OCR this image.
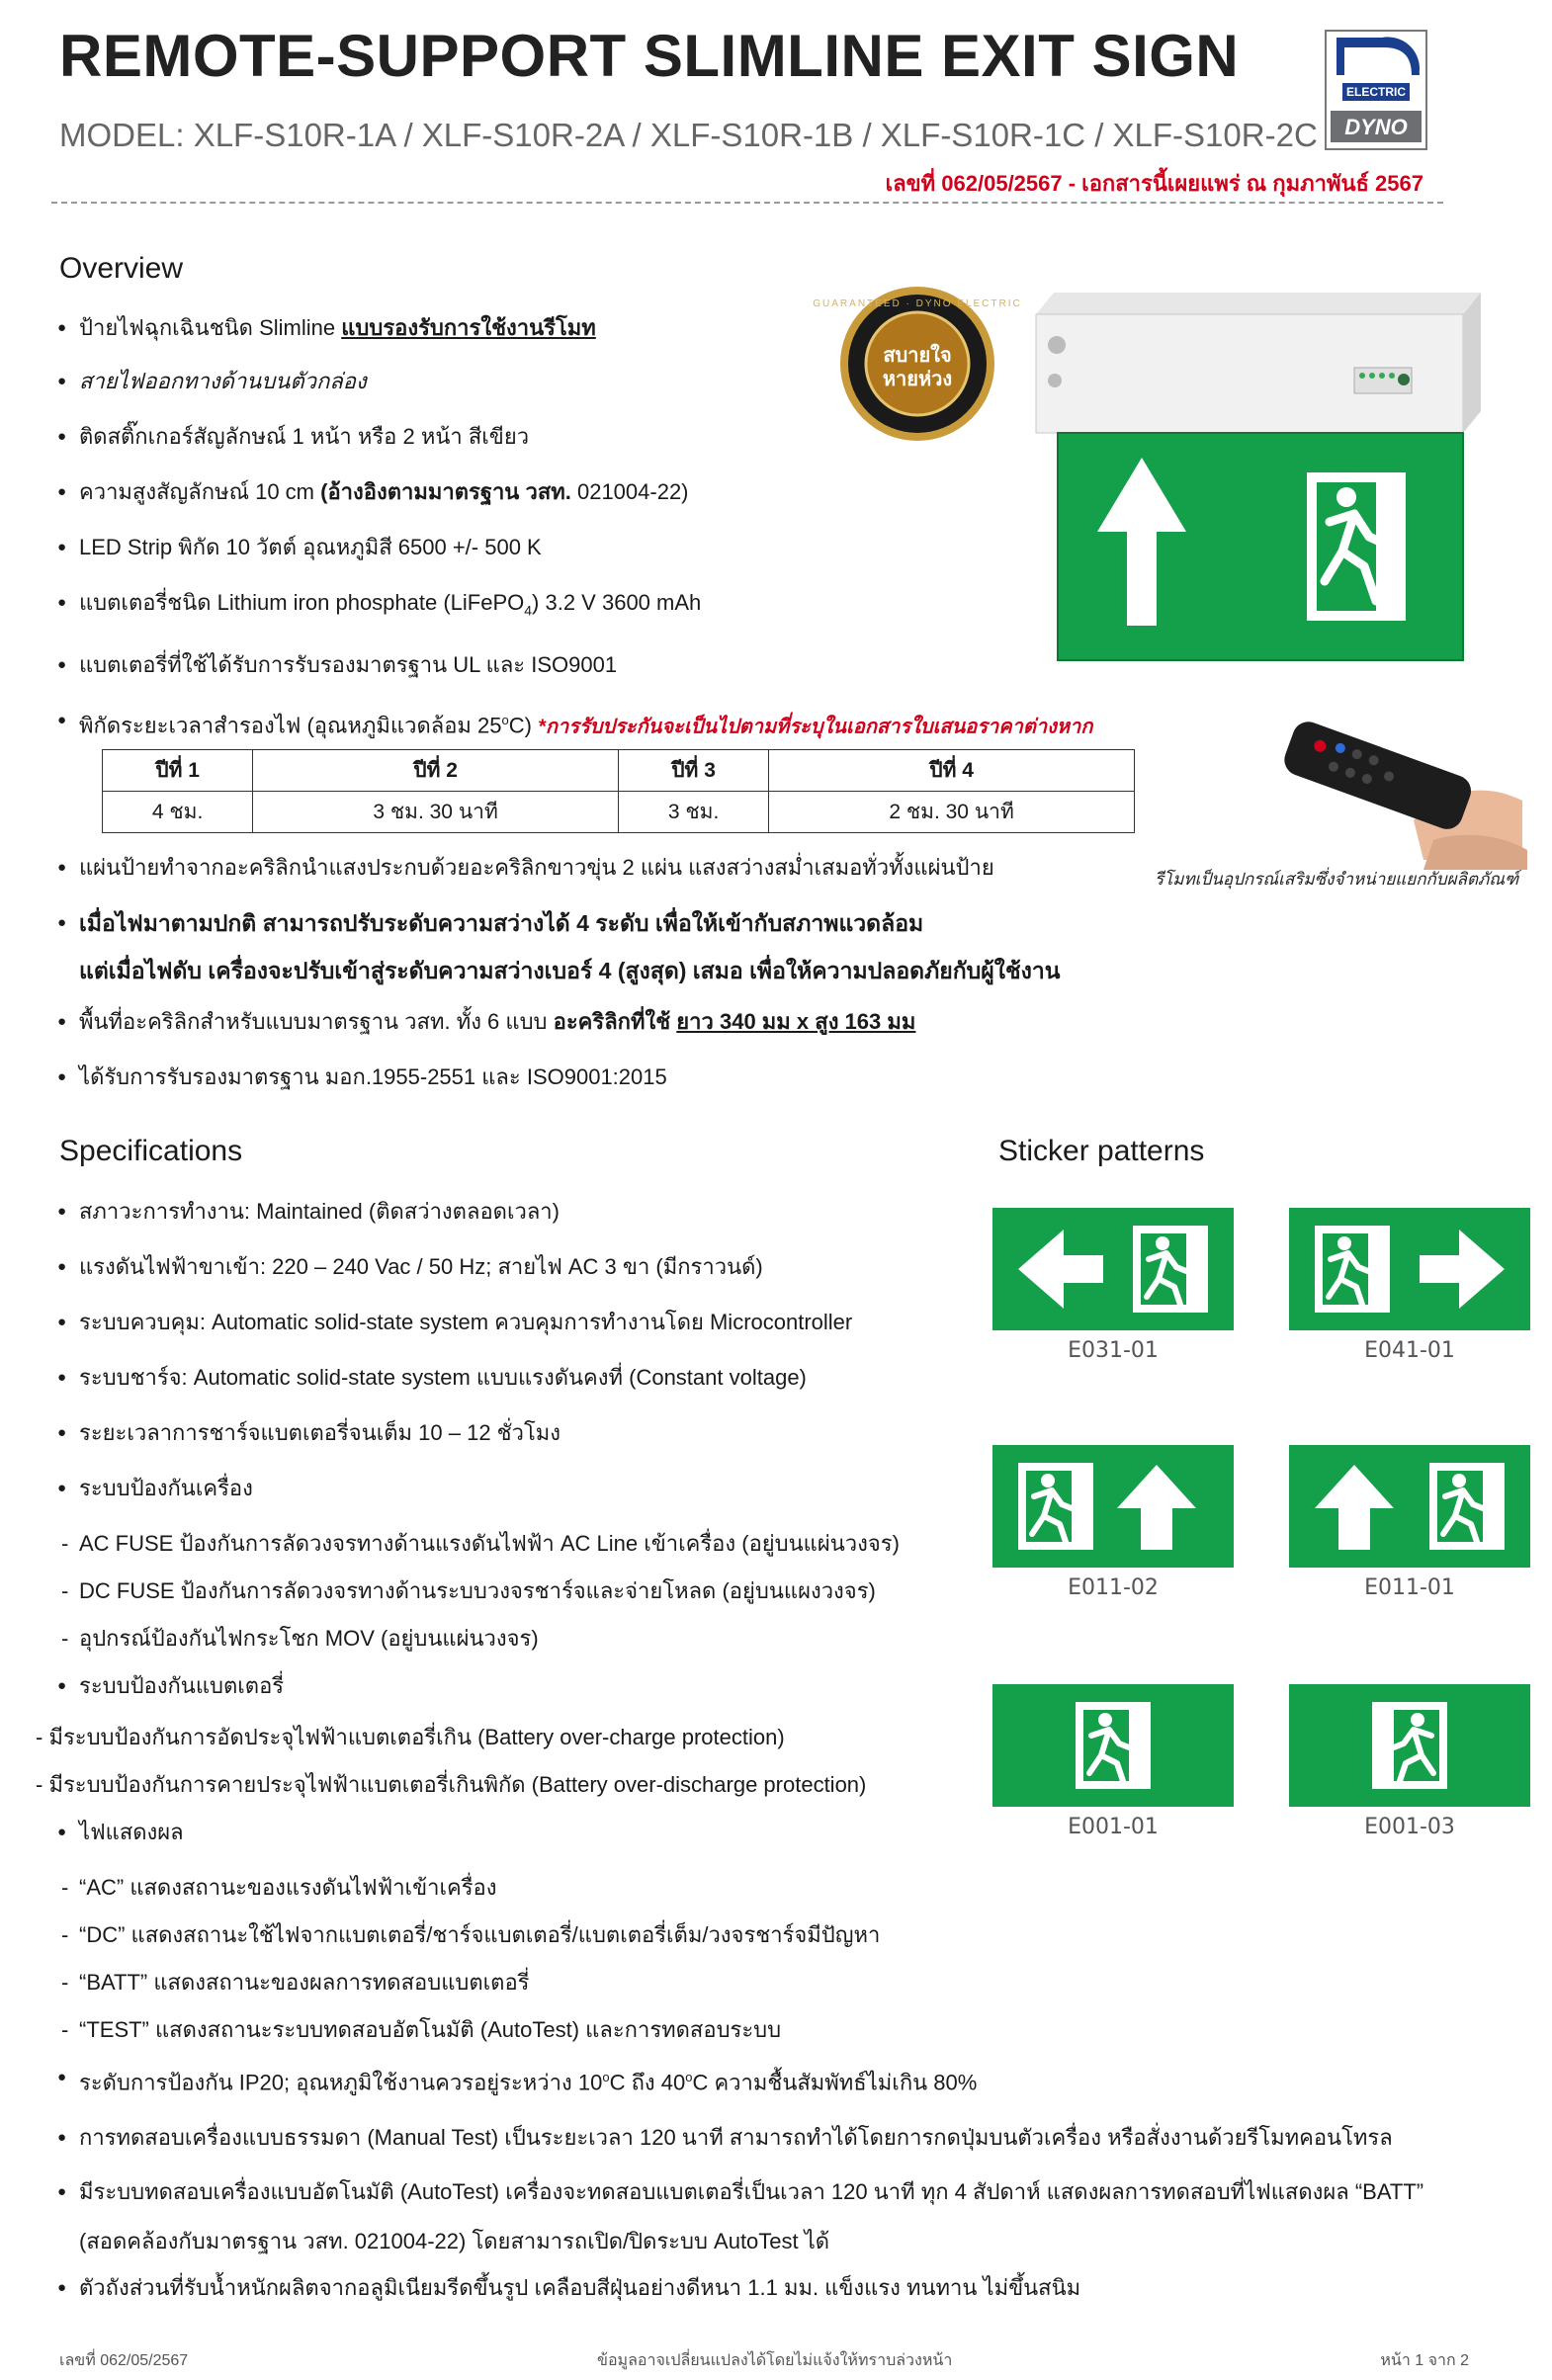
REMOTE-SUPPORT SLIMLINE EXIT SIGN
MODEL: XLF-S10R-1A / XLF-S10R-2A / XLF-S10R-1B / XLF-S10R-1C / XLF-S10R-2C
เลขที่ 062/05/2567 - เอกสารนี้เผยแพร่ ณ กุมภาพันธ์ 2567
ELECTRIC
DYNO
Overview
● ป้ายไฟฉุกเฉินชนิด Slimline แบบรองรับการใช้งานรีโมท
● สายไฟออกทางด้านบนตัวกล่อง
● ติดสติ๊กเกอร์สัญลักษณ์ 1 หน้า หรือ 2 หน้า สีเขียว
● ความสูงสัญลักษณ์ 10 cm (อ้างอิงตามมาตรฐาน วสท. 021004-22)
● LED Strip พิกัด 10 วัตต์ อุณหภูมิสี 6500 +/- 500 K
● แบตเตอรี่ชนิด Lithium iron phosphate (LiFePO$_4$) 3.2 V 3600 mAh
● แบตเตอรี่ที่ใช้ได้รับการรับรองมาตรฐาน UL และ ISO9001
● พิกัดระยะเวลาสำรองไฟ (อุณหภูมิแวดล้อม 25$^o$C) *การรับประกันจะเป็นไปตามที่ระบุในเอกสารใบเสนอราคาต่างหาก
ปีที่ 1	ปีที่ 2	ปีที่ 3	ปีที่ 4
4 ชม.	3 ชม. 30 นาที	3 ชม.	2 ชม. 30 นาที
● แผ่นป้ายทำจากอะคริลิกนำแสงประกบด้วยอะคริลิกขาวขุ่น 2 แผ่น แสงสว่างสม่ำเสมอทั่วทั้งแผ่นป้าย
● เมื่อไฟมาตามปกติ สามารถปรับระดับความสว่างได้ 4 ระดับ เพื่อให้เข้ากับสภาพแวดล้อม
แต่เมื่อไฟดับ เครื่องจะปรับเข้าสู่ระดับความสว่างเบอร์ 4 (สูงสุด) เสมอ เพื่อให้ความปลอดภัยกับผู้ใช้งาน
● พื้นที่อะคริลิกสำหรับแบบมาตรฐาน วสท. ทั้ง 6 แบบ อะคริลิกที่ใช้ ยาว 340 มม x สูง 163 มม
● ได้รับการรับรองมาตรฐาน มอก.1955-2551 และ ISO9001:2015
สบายใจ
หายห่วง
GUARANTEED · DYNO ELECTRIC
รีโมทเป็นอุปกรณ์เสริมซึ่งจำหน่ายแยกกับผลิตภัณฑ์
Specifications
● สภาวะการทำงาน: Maintained (ติดสว่างตลอดเวลา)
● แรงดันไฟฟ้าขาเข้า: 220 – 240 Vac / 50 Hz; สายไฟ AC 3 ขา (มีกราวนด์)
● ระบบควบคุม: Automatic solid-state system ควบคุมการทำงานโดย Microcontroller
● ระบบชาร์จ: Automatic solid-state system แบบแรงดันคงที่ (Constant voltage)
● ระยะเวลาการชาร์จแบตเตอรี่จนเต็ม 10 – 12 ชั่วโมง
● ระบบป้องกันเครื่อง
- AC FUSE ป้องกันการลัดวงจรทางด้านแรงดันไฟฟ้า AC Line เข้าเครื่อง (อยู่บนแผ่นวงจร)
- DC FUSE ป้องกันการลัดวงจรทางด้านระบบวงจรชาร์จและจ่ายโหลด (อยู่บนแผงวงจร)
- อุปกรณ์ป้องกันไฟกระโชก MOV (อยู่บนแผ่นวงจร)
● ระบบป้องกันแบตเตอรี่
- มีระบบป้องกันการอัดประจุไฟฟ้าแบตเตอรี่เกิน (Battery over-charge protection)
- มีระบบป้องกันการคายประจุไฟฟ้าแบตเตอรี่เกินพิกัด (Battery over-discharge protection)
● ไฟแสดงผล
- “AC” แสดงสถานะของแรงดันไฟฟ้าเข้าเครื่อง
- “DC” แสดงสถานะใช้ไฟจากแบตเตอรี่/ชาร์จแบตเตอรี่/แบตเตอรี่เต็ม/วงจรชาร์จมีปัญหา
- “BATT” แสดงสถานะของผลการทดสอบแบตเตอรี่
- “TEST” แสดงสถานะระบบทดสอบอัตโนมัติ (AutoTest) และการทดสอบระบบ
● ระดับการป้องกัน IP20; อุณหภูมิใช้งานควรอยู่ระหว่าง 10$^o$C ถึง 40$^o$C ความชื้นสัมพัทธ์ไม่เกิน 80%
● การทดสอบเครื่องแบบธรรมดา (Manual Test) เป็นระยะเวลา 120 นาที สามารถทำได้โดยการกดปุ่มบนตัวเครื่อง หรือสั่งงานด้วยรีโมทคอนโทรล
● มีระบบทดสอบเครื่องแบบอัตโนมัติ (AutoTest) เครื่องจะทดสอบแบตเตอรี่เป็นเวลา 120 นาที ทุก 4 สัปดาห์ แสดงผลการทดสอบที่ไฟแสดงผล “BATT”
(สอดคล้องกับมาตรฐาน วสท. 021004-22) โดยสามารถเปิด/ปิดระบบ AutoTest ได้
● ตัวถังส่วนที่รับน้ำหนักผลิตจากอลูมิเนียมรีดขึ้นรูป เคลือบสีฝุ่นอย่างดีหนา 1.1 มม. แข็งแรง ทนทาน ไม่ขึ้นสนิม
Sticker patterns
E031-01	E041-01
E011-02	E011-01
E001-01	E001-03
เลขที่ 062/05/2567	ข้อมูลอาจเปลี่ยนแปลงได้โดยไม่แจ้งให้ทราบล่วงหน้า	หน้า 1 จาก 2
